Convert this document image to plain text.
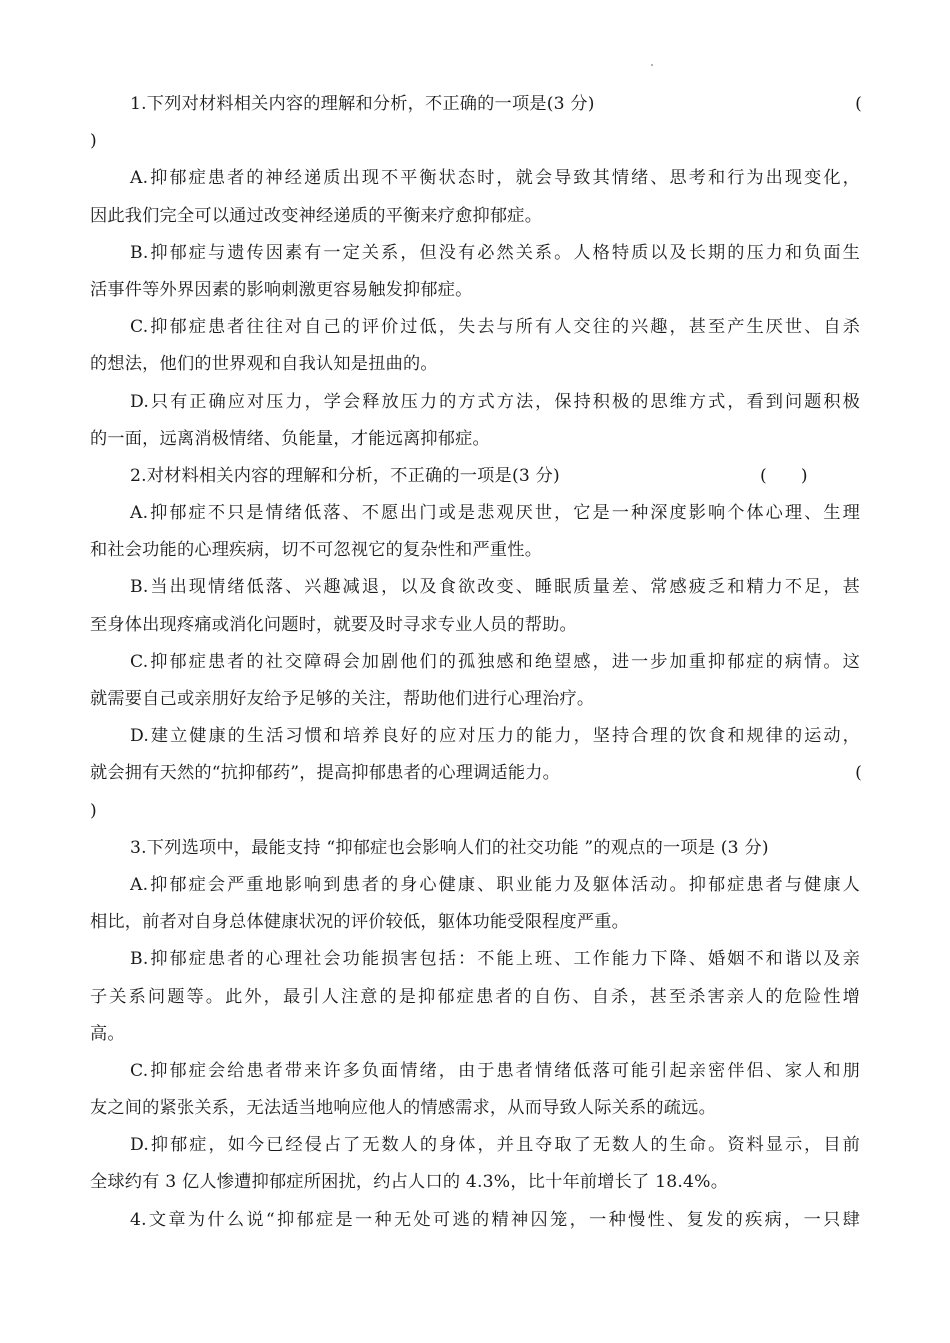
1.下列对材料相关内容的理解和分析，不正确的一项是(3 分)	(
)
A.抑郁症患者的神经递质出现不平衡状态时，就会导致其情绪、思考和行为出现变化，
因此我们完全可以通过改变神经递质的平衡来疗愈抑郁症。
B.抑郁症与遗传因素有一定关系，但没有必然关系。人格特质以及长期的压力和负面生
活事件等外界因素的影响刺激更容易触发抑郁症。
C.抑郁症患者往往对自己的评价过低，失去与所有人交往的兴趣，甚至产生厌世、自杀
的想法，他们的世界观和自我认知是扭曲的。
D.只有正确应对压力，学会释放压力的方式方法，保持积极的思维方式，看到问题积极
的一面，远离消极情绪、负能量，才能远离抑郁症。
2.对材料相关内容的理解和分析，不正确的一项是(3 分)	(      )
A.抑郁症不只是情绪低落、不愿出门或是悲观厌世，它是一种深度影响个体心理、生理
和社会功能的心理疾病，切不可忽视它的复杂性和严重性。
B.当出现情绪低落、兴趣减退，以及食欲改变、睡眠质量差、常感疲乏和精力不足，甚
至身体出现疼痛或消化问题时，就要及时寻求专业人员的帮助。
C.抑郁症患者的社交障碍会加剧他们的孤独感和绝望感，进一步加重抑郁症的病情。这
就需要自己或亲朋好友给予足够的关注，帮助他们进行心理治疗。
D.建立健康的生活习惯和培养良好的应对压力的能力，坚持合理的饮食和规律的运动，
就会拥有天然的“抗抑郁药”，提高抑郁患者的心理调适能力。	(
)
3.下列选项中，最能支持 “抑郁症也会影响人们的社交功能 ”的观点的一项是 (3 分)
A.抑郁症会严重地影响到患者的身心健康、职业能力及躯体活动。抑郁症患者与健康人
相比，前者对自身总体健康状况的评价较低，躯体功能受限程度严重。
B.抑郁症患者的心理社会功能损害包括：不能上班、工作能力下降、婚姻不和谐以及亲
子关系问题等。此外，最引人注意的是抑郁症患者的自伤、自杀，甚至杀害亲人的危险性增
高。
C.抑郁症会给患者带来许多负面情绪，由于患者情绪低落可能引起亲密伴侣、家人和朋
友之间的紧张关系，无法适当地响应他人的情感需求，从而导致人际关系的疏远。
D.抑郁症，如今已经侵占了无数人的身体，并且夺取了无数人的生命。资料显示，目前
全球约有 3 亿人惨遭抑郁症所困扰，约占人口的 4.3%，比十年前增长了 18.4%。
4.文章为什么说“抑郁症是一种无处可逃的精神囚笼，一种慢性、复发的疾病，一只肆
